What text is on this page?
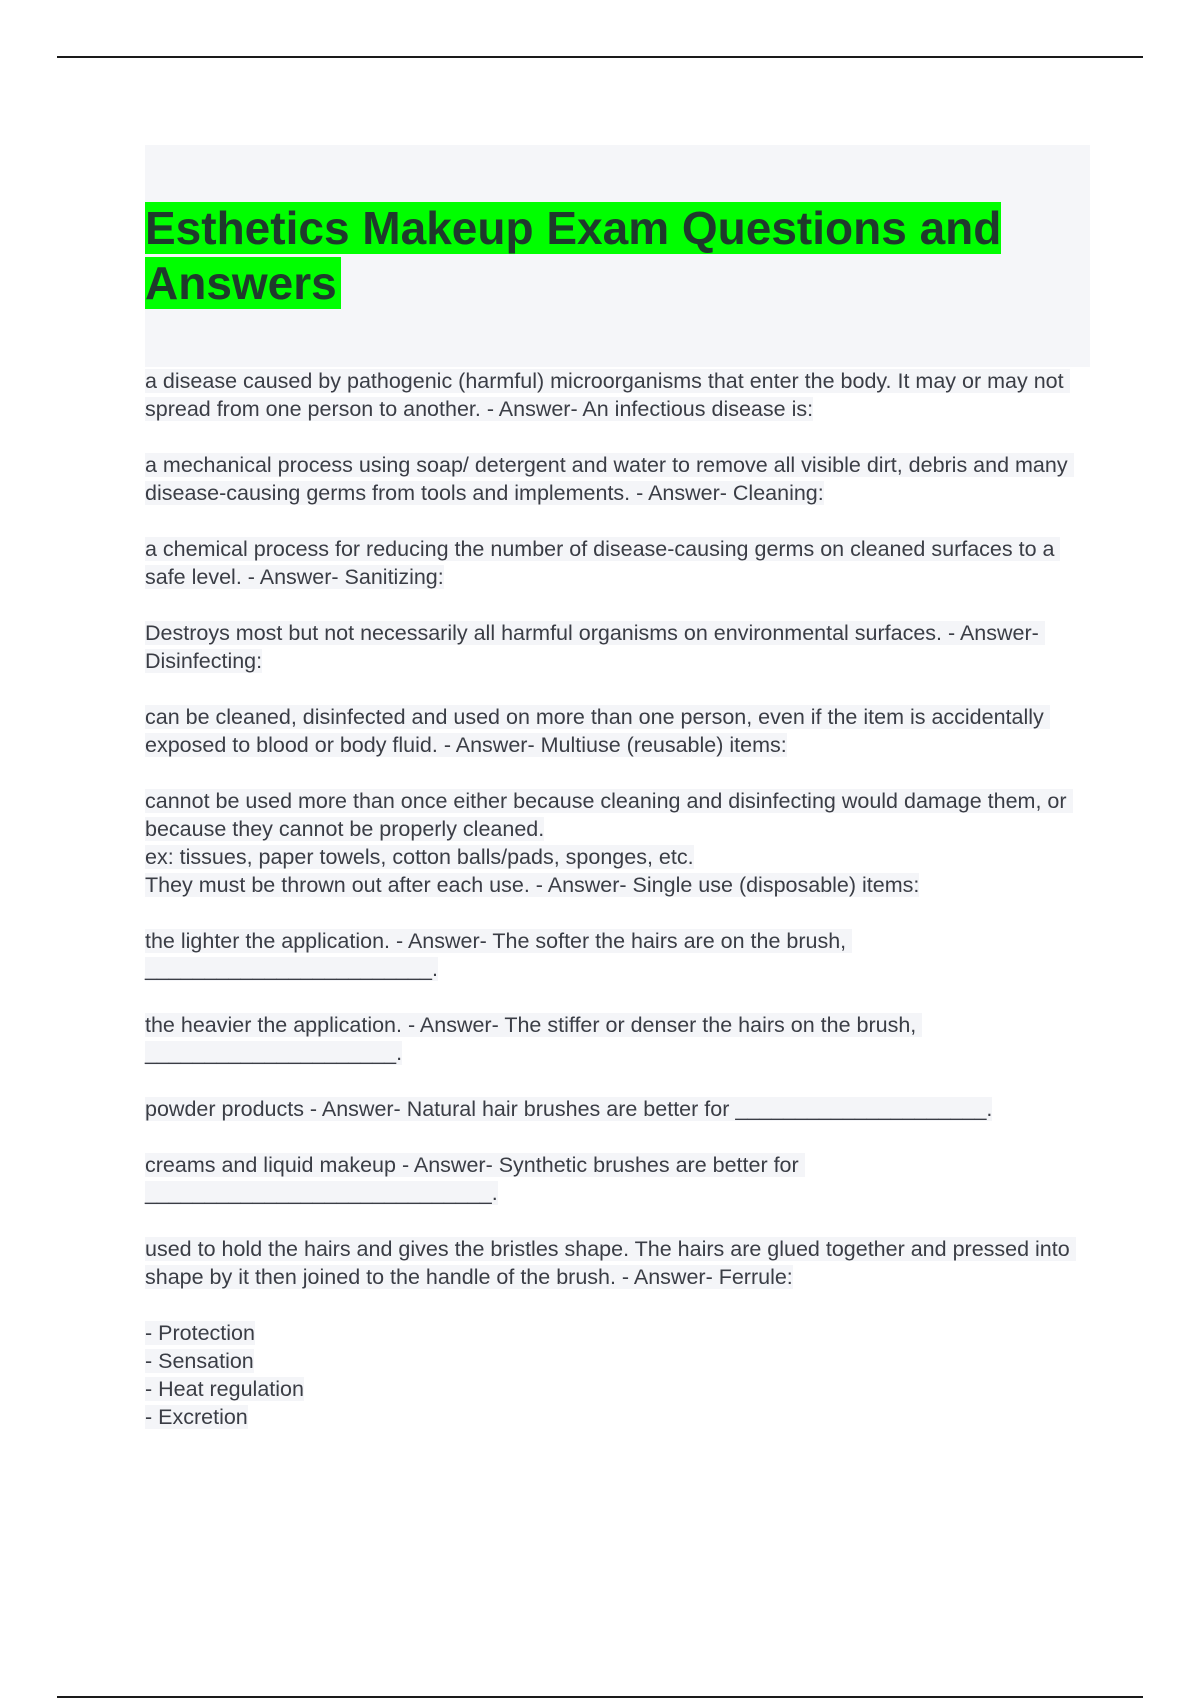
Esthetics Makeup Exam Questions and Answers
a disease caused by pathogenic (harmful) microorganisms that enter the body. It may or may not spread from one person to another. - Answer- An infectious disease is:
a mechanical process using soap/ detergent and water to remove all visible dirt, debris and many disease-causing germs from tools and implements. - Answer- Cleaning:
a chemical process for reducing the number of disease-causing germs on cleaned surfaces to a safe level. - Answer- Sanitizing:
Destroys most but not necessarily all harmful organisms on environmental surfaces. - Answer- Disinfecting:
can be cleaned, disinfected and used on more than one person, even if the item is accidentally exposed to blood or body fluid. - Answer- Multiuse (reusable) items:
cannot be used more than once either because cleaning and disinfecting would damage them, or because they cannot be properly cleaned.
ex: tissues, paper towels, cotton balls/pads, sponges, etc.
They must be thrown out after each use. - Answer- Single use (disposable) items:
the lighter the application. - Answer- The softer the hairs are on the brush, ________________________.
the heavier the application. - Answer- The stiffer or denser the hairs on the brush, _____________________.
powder products - Answer- Natural hair brushes are better for _____________________.
creams and liquid makeup - Answer- Synthetic brushes are better for _____________________________.
used to hold the hairs and gives the bristles shape. The hairs are glued together and pressed into shape by it then joined to the handle of the brush. - Answer- Ferrule:
- Protection
- Sensation
- Heat regulation
- Excretion
